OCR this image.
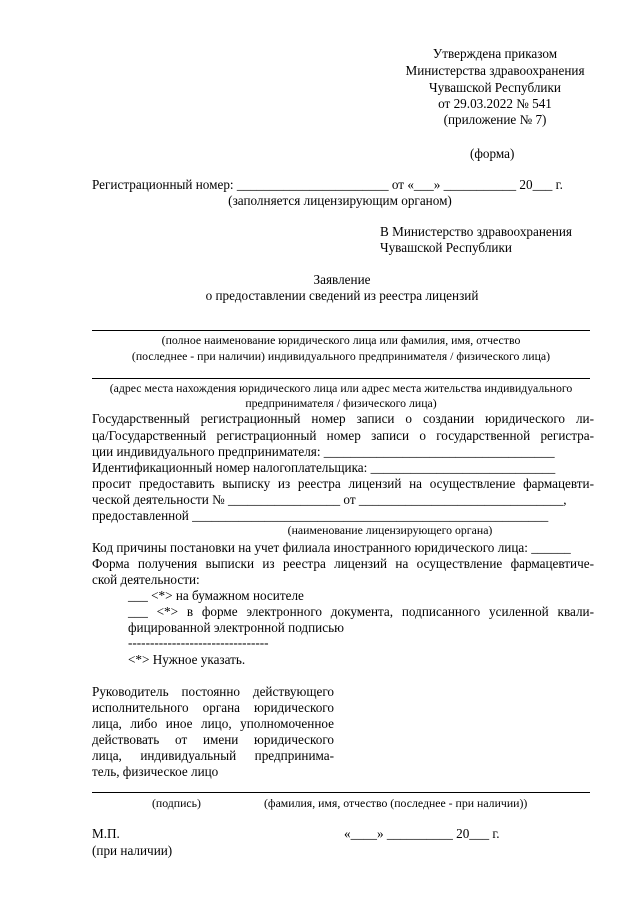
Утверждена приказом
Министерства здравоохранения
Чувашской Республики
от 29.03.2022 № 541
(приложение № 7)
(форма)
Регистрационный номер: _______________________ от «___» ___________ 20___ г.
(заполняется лицензирующим органом)
В Министерство здравоохранения
Чувашской Республики
Заявление
о предоставлении сведений из реестра лицензий
(полное наименование юридического лица или фамилия, имя, отчество
(последнее - при наличии) индивидуального предпринимателя / физического лица)
(адрес места нахождения юридического лица или адрес места жительства индивидуального
предпринимателя / физического лица)
Государственный регистрационный номер записи о создании юридического ли-
ца/Государственный регистрационный номер записи о государственной регистра-
ции индивидуального предпринимателя: ___________________________________
Идентификационный номер налогоплательщика: ____________________________
просит предоставить выписку из реестра лицензий на осуществление фармацевти-
ческой деятельности № _________________ от _______________________________,
предоставленной ______________________________________________________
(наименование лицензирующего органа)
Код причины постановки на учет филиала иностранного юридического лица: ______
Форма получения выписки из реестра лицензий на осуществление фармацевтиче-
ской деятельности:
___ <*> на бумажном носителе
___ <*> в форме электронного документа, подписанного усиленной квали-
фицированной электронной подписью
--------------------------------
<*> Нужное указать.
Руководитель постоянно действующего
исполнительного органа юридического
лица, либо иное лицо, уполномоченное
действовать от имени юридического
лица, индивидуальный предпринима-
тель, физическое лицо
(подпись)	(фамилия, имя, отчество (последнее - при наличии))
М.П.
(при наличии)
«____» __________ 20___ г.
